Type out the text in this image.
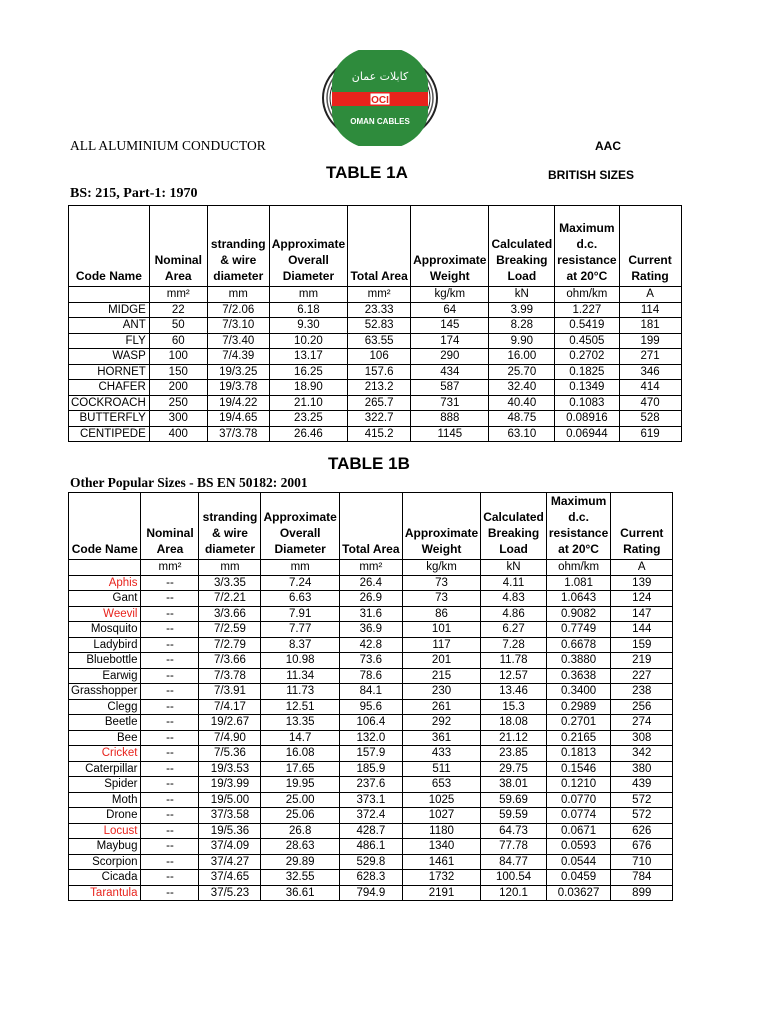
OCI
كابلات عمان
OMAN CABLES
ALL ALUMINIUM CONDUCTOR	AAC
TABLE 1A	BRITISH SIZES
BS: 215, Part-1: 1970
Code Name	Nominal Area	stranding & wire diameter	Approximate Overall Diameter	Total Area	Approximate Weight	Calculated Breaking Load	Maximum d.c. resistance at 20°C	Current Rating
	mm²	mm	mm	mm²	kg/km	kN	ohm/km	A
MIDGE	22	7/2.06	6.18	23.33	64	3.99	1.227	114
ANT	50	7/3.10	9.30	52.83	145	8.28	0.5419	181
FLY	60	7/3.40	10.20	63.55	174	9.90	0.4505	199
WASP	100	7/4.39	13.17	106	290	16.00	0.2702	271
HORNET	150	19/3.25	16.25	157.6	434	25.70	0.1825	346
CHAFER	200	19/3.78	18.90	213.2	587	32.40	0.1349	414
COCKROACH	250	19/4.22	21.10	265.7	731	40.40	0.1083	470
BUTTERFLY	300	19/4.65	23.25	322.7	888	48.75	0.08916	528
CENTIPEDE	400	37/3.78	26.46	415.2	1145	63.10	0.06944	619
TABLE 1B
Other Popular Sizes - BS EN 50182: 2001
Code Name	Nominal Area	stranding & wire diameter	Approximate Overall Diameter	Total Area	Approximate Weight	Calculated Breaking Load	Maximum d.c. resistance at 20°C	Current Rating
	mm²	mm	mm	mm²	kg/km	kN	ohm/km	A
Aphis	--	3/3.35	7.24	26.4	73	4.11	1.081	139
Gant	--	7/2.21	6.63	26.9	73	4.83	1.0643	124
Weevil	--	3/3.66	7.91	31.6	86	4.86	0.9082	147
Mosquito	--	7/2.59	7.77	36.9	101	6.27	0.7749	144
Ladybird	--	7/2.79	8.37	42.8	117	7.28	0.6678	159
Bluebottle	--	7/3.66	10.98	73.6	201	11.78	0.3880	219
Earwig	--	7/3.78	11.34	78.6	215	12.57	0.3638	227
Grasshopper	--	7/3.91	11.73	84.1	230	13.46	0.3400	238
Clegg	--	7/4.17	12.51	95.6	261	15.3	0.2989	256
Beetle	--	19/2.67	13.35	106.4	292	18.08	0.2701	274
Bee	--	7/4.90	14.7	132.0	361	21.12	0.2165	308
Cricket	--	7/5.36	16.08	157.9	433	23.85	0.1813	342
Caterpillar	--	19/3.53	17.65	185.9	511	29.75	0.1546	380
Spider	--	19/3.99	19.95	237.6	653	38.01	0.1210	439
Moth	--	19/5.00	25.00	373.1	1025	59.69	0.0770	572
Drone	--	37/3.58	25.06	372.4	1027	59.59	0.0774	572
Locust	--	19/5.36	26.8	428.7	1180	64.73	0.0671	626
Maybug	--	37/4.09	28.63	486.1	1340	77.78	0.0593	676
Scorpion	--	37/4.27	29.89	529.8	1461	84.77	0.0544	710
Cicada	--	37/4.65	32.55	628.3	1732	100.54	0.0459	784
Tarantula	--	37/5.23	36.61	794.9	2191	120.1	0.03627	899
